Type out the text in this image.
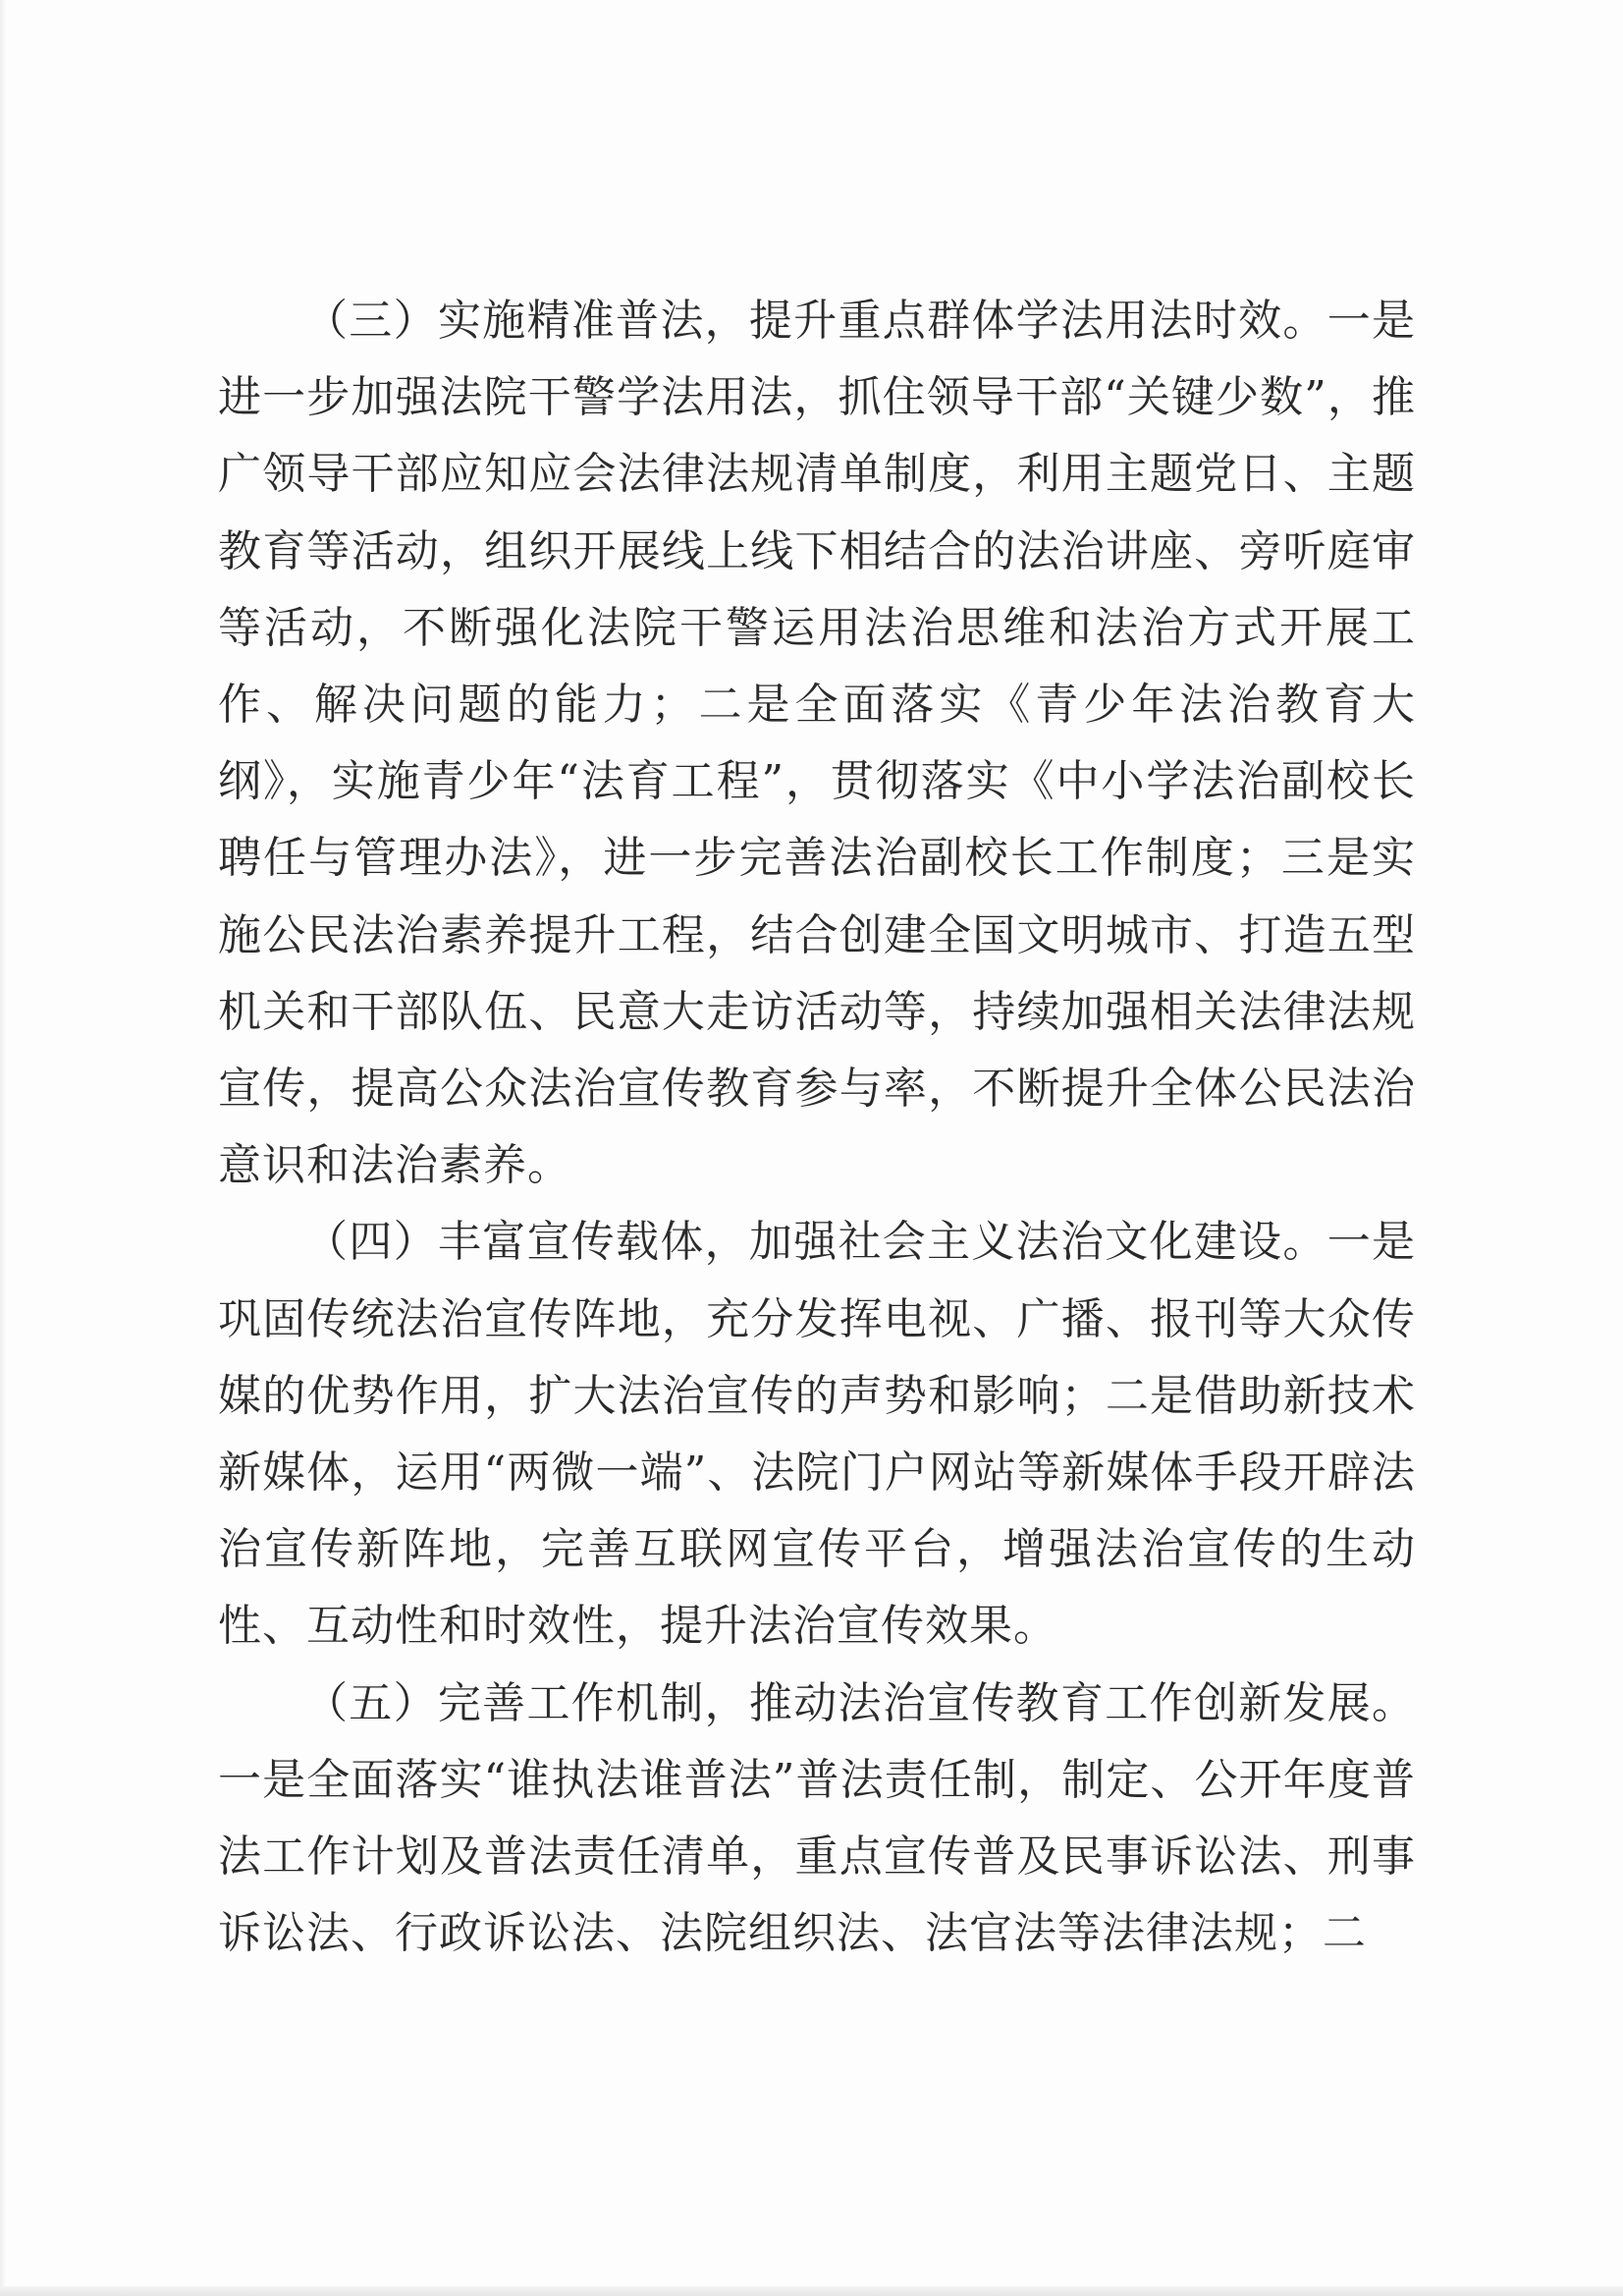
（三）实施精准普法，提升重点群体学法用法时效。一是进一步加强法院干警学法用法，抓住领导干部“关键少数”，推广领导干部应知应会法律法规清单制度，利用主题党日、主题教育等活动，组织开展线上线下相结合的法治讲座、旁听庭审等活动，不断强化法院干警运用法治思维和法治方式开展工作、解决问题的能力；二是全面落实《青少年法治教育大纲》，实施青少年“法育工程”，贯彻落实《中小学法治副校长聘任与管理办法》，进一步完善法治副校长工作制度；三是实施公民法治素养提升工程，结合创建全国文明城市、打造五型机关和干部队伍、民意大走访活动等，持续加强相关法律法规宣传，提高公众法治宣传教育参与率，不断提升全体公民法治意识和法治素养。

（四）丰富宣传载体，加强社会主义法治文化建设。一是巩固传统法治宣传阵地，充分发挥电视、广播、报刊等大众传媒的优势作用，扩大法治宣传的声势和影响；二是借助新技术新媒体，运用“两微一端”、法院门户网站等新媒体手段开辟法治宣传新阵地，完善互联网宣传平台，增强法治宣传的生动性、互动性和时效性，提升法治宣传效果。

（五）完善工作机制，推动法治宣传教育工作创新发展。一是全面落实“谁执法谁普法”普法责任制，制定、公开年度普法工作计划及普法责任清单，重点宣传普及民事诉讼法、刑事诉讼法、行政诉讼法、法院组织法、法官法等法律法规；二
